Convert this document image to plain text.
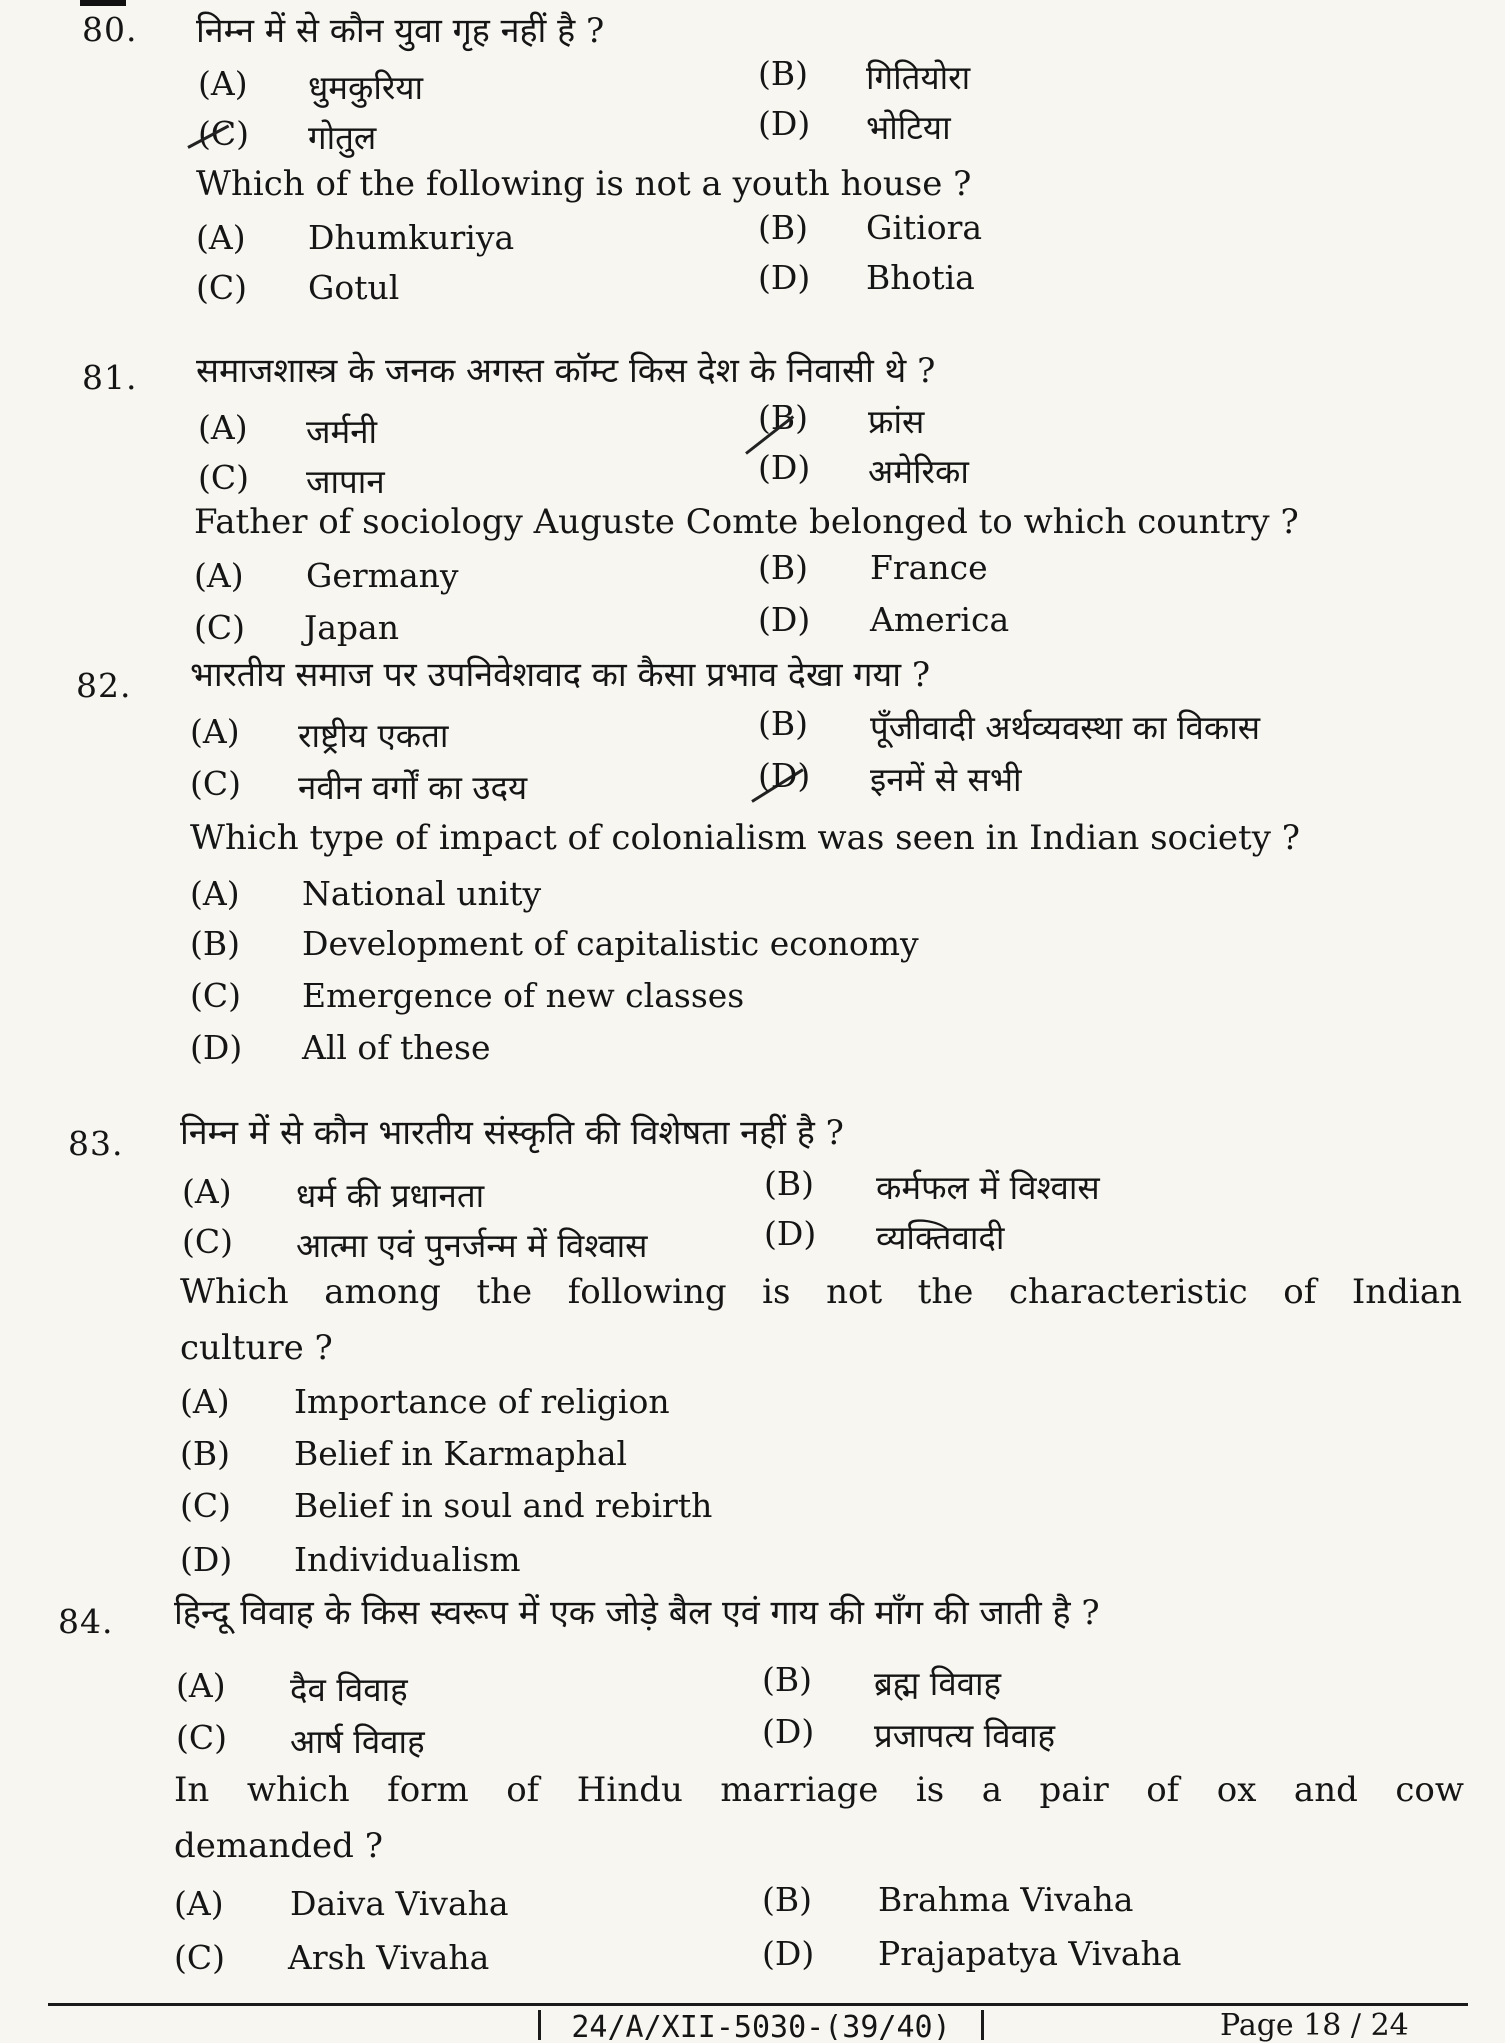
80. निम्न में से कौन युवा गृह नहीं है ?
(A) धुमकुरिया	(B) गितियोरा
(C) गोतुल	(D) भोटिया
Which of the following is not a youth house ?
(A) Dhumkuriya	(B) Gitiora
(C) Gotul	(D) Bhotia
81. समाजशास्त्र के जनक अगस्त कॉम्ट किस देश के निवासी थे ?
(A) जर्मनी	(B) फ्रांस
(C) जापान	(D) अमेरिका
Father of sociology Auguste Comte belonged to which country ?
(A) Germany	(B) France
(C) Japan	(D) America
82. भारतीय समाज पर उपनिवेशवाद का कैसा प्रभाव देखा गया ?
(A) राष्ट्रीय एकता	(B) पूँजीवादी अर्थव्यवस्था का विकास
(C) नवीन वर्गों का उदय	(D) इनमें से सभी
Which type of impact of colonialism was seen in Indian society ?
(A) National unity
(B) Development of capitalistic economy
(C) Emergence of new classes
(D) All of these
83. निम्न में से कौन भारतीय संस्कृति की विशेषता नहीं है ?
(A) धर्म की प्रधानता	(B) कर्मफल में विश्वास
(C) आत्मा एवं पुनर्जन्म में विश्वास	(D) व्यक्तिवादी
Which among the following is not the characteristic of Indian
culture ?
(A) Importance of religion
(B) Belief in Karmaphal
(C) Belief in soul and rebirth
(D) Individualism
84. हिन्दू विवाह के किस स्वरूप में एक जोड़े बैल एवं गाय की माँग की जाती है ?
(A) दैव विवाह	(B) ब्रह्म विवाह
(C) आर्ष विवाह	(D) प्रजापत्य विवाह
In which form of Hindu marriage is a pair of ox and cow
demanded ?
(A) Daiva Vivaha	(B) Brahma Vivaha
(C) Arsh Vivaha	(D) Prajapatya Vivaha
24/A/XII-5030-(39/40)	Page 18 / 24
